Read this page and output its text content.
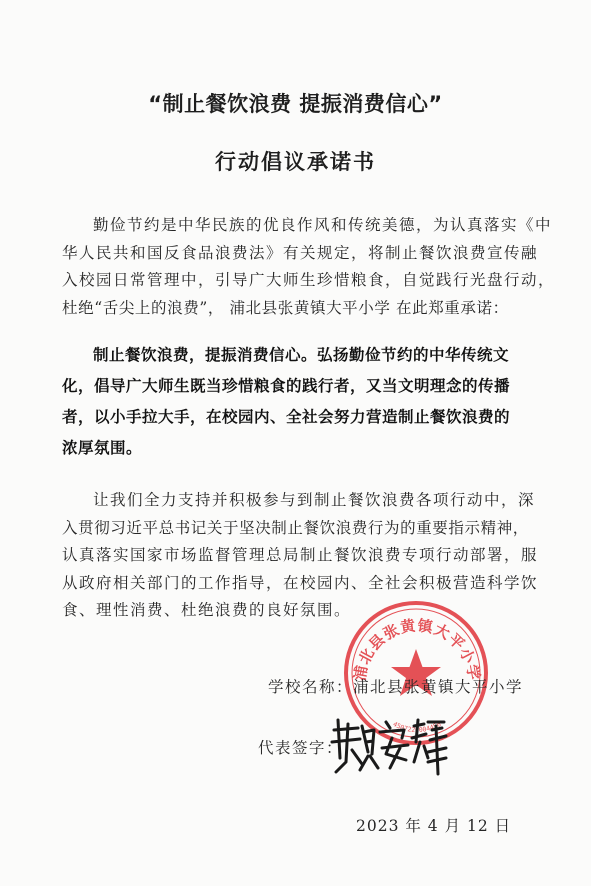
“制止餐饮浪费 提振消费信心”
行动倡议承诺书
勤俭节约是中华民族的优良作风和传统美德，为认真落实《中
华人民共和国反食品浪费法》有关规定，将制止餐饮浪费宣传融
入校园日常管理中，引导广大师生珍惜粮食，自觉践行光盘行动，
杜绝“舌尖上的浪费”， 浦北县张黄镇大平小学 在此郑重承诺：
制止餐饮浪费，提振消费信心。弘扬勤俭节约的中华传统文
化，倡导广大师生既当珍惜粮食的践行者，又当文明理念的传播
者，以小手拉大手，在校园内、全社会努力营造制止餐饮浪费的
浓厚氛围。
让我们全力支持并积极参与到制止餐饮浪费各项行动中，深
入贯彻习近平总书记关于坚决制止餐饮浪费行为的重要指示精神，
认真落实国家市场监督管理总局制止餐饮浪费专项行动部署，服
从政府相关部门的工作指导，在校园内、全社会积极营造科学饮
食、理性消费、杜绝浪费的良好氛围。
浦北县张黄镇大平小学
4507220004456
学校名称：浦北县张黄镇大平小学
代表签字：
2023 年 4 月 12 日
